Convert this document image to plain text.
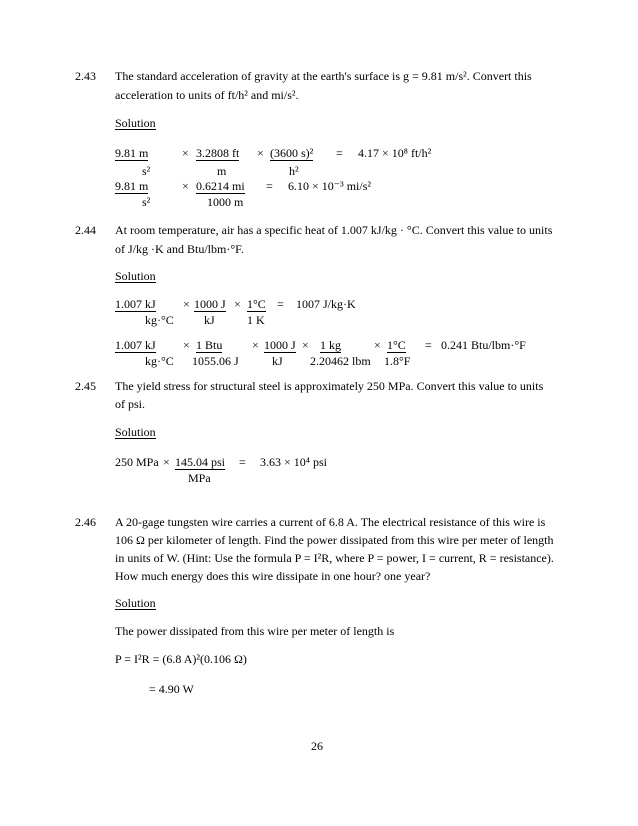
2.43 The standard acceleration of gravity at the earth's surface is g = 9.81 m/s². Convert this
acceleration to units of ft/h² and mi/s².
Solution
9.81 m
s²
× 3.2808 ft
m
× (3600 s)²
h²
= 4.17 × 10⁸ ft/h²
9.81 m
s²
× 0.6214 mi
1000 m
= 6.10 × 10⁻³ mi/s²
2.44 At room temperature, air has a specific heat of 1.007 kJ/kg · °C. Convert this value to units
of J/kg ·K and Btu/lbm·°F.
Solution
1.007 kJ
kg·°C
× 1000 J
kJ
× 1°C
1 K
= 1007 J/kg·K
1.007 kJ
kg·°C
× 1 Btu
1055.06 J
× 1000 J
kJ
× 1 kg
2.20462 lbm
× 1°C
1.8°F
= 0.241 Btu/lbm·°F
2.45 The yield stress for structural steel is approximately 250 MPa. Convert this value to units
of psi.
Solution
250 MPa × 145.04 psi
MPa
= 3.63 × 10⁴ psi
2.46 A 20-gage tungsten wire carries a current of 6.8 A. The electrical resistance of this wire is
106 Ω per kilometer of length. Find the power dissipated from this wire per meter of length
in units of W. (Hint: Use the formula P = I²R, where P = power, I = current, R = resistance).
How much energy does this wire dissipate in one hour? one year?
Solution
The power dissipated from this wire per meter of length is
P = I²R = (6.8 A)²(0.106 Ω)
= 4.90 W
26
